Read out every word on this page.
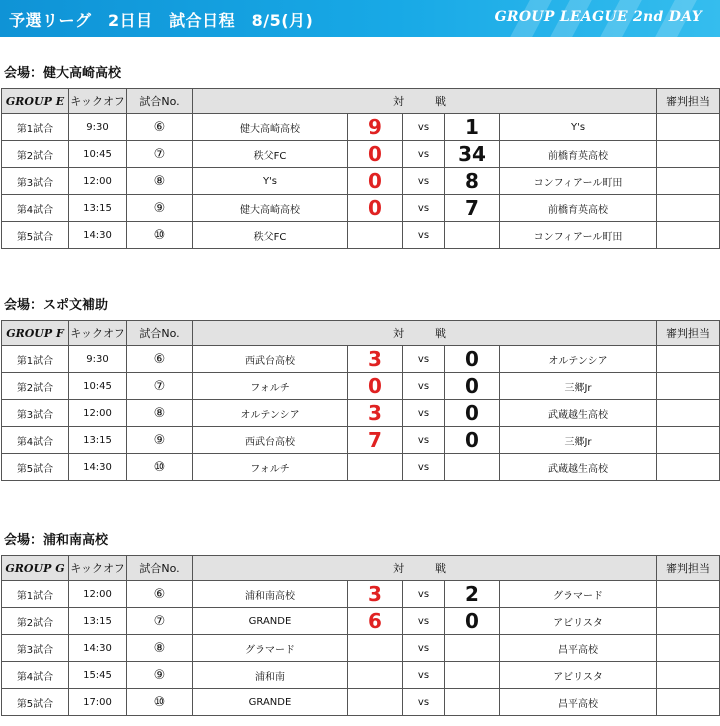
予選リーグ　2日目　試合日程　8/5(月)	GROUP LEAGUE 2nd DAY
会場：健大高崎高校
GROUP E	キックオフ	試合No.	対　戦					審判担当
第1試合	9:30	⑥	健大高崎高校	9	vs	1	Y's	
第2試合	10:45	⑦	秩父FC	0	vs	34	前橋育英高校	
第3試合	12:00	⑧	Y's	0	vs	8	コンフィアール町田	
第4試合	13:15	⑨	健大高崎高校	0	vs	7	前橋育英高校	
第5試合	14:30	⑩	秩父FC		vs		コンフィアール町田	
会場：スポ文補助
GROUP F	キックオフ	試合No.	対　戦					審判担当
第1試合	9:30	⑥	西武台高校	3	vs	0	オルテンシア	
第2試合	10:45	⑦	フォルチ	0	vs	0	三郷Jr	
第3試合	12:00	⑧	オルテンシア	3	vs	0	武蔵越生高校	
第4試合	13:15	⑨	西武台高校	7	vs	0	三郷Jr	
第5試合	14:30	⑩	フォルチ		vs		武蔵越生高校	
会場：浦和南高校
GROUP G	キックオフ	試合No.	対　戦					審判担当
第1試合	12:00	⑥	浦和南高校	3	vs	2	グラマード	
第2試合	13:15	⑦	GRANDE	6	vs	0	アビリスタ	
第3試合	14:30	⑧	グラマード		vs		昌平高校	
第4試合	15:45	⑨	浦和南		vs		アビリスタ	
第5試合	17:00	⑩	GRANDE		vs		昌平高校	
